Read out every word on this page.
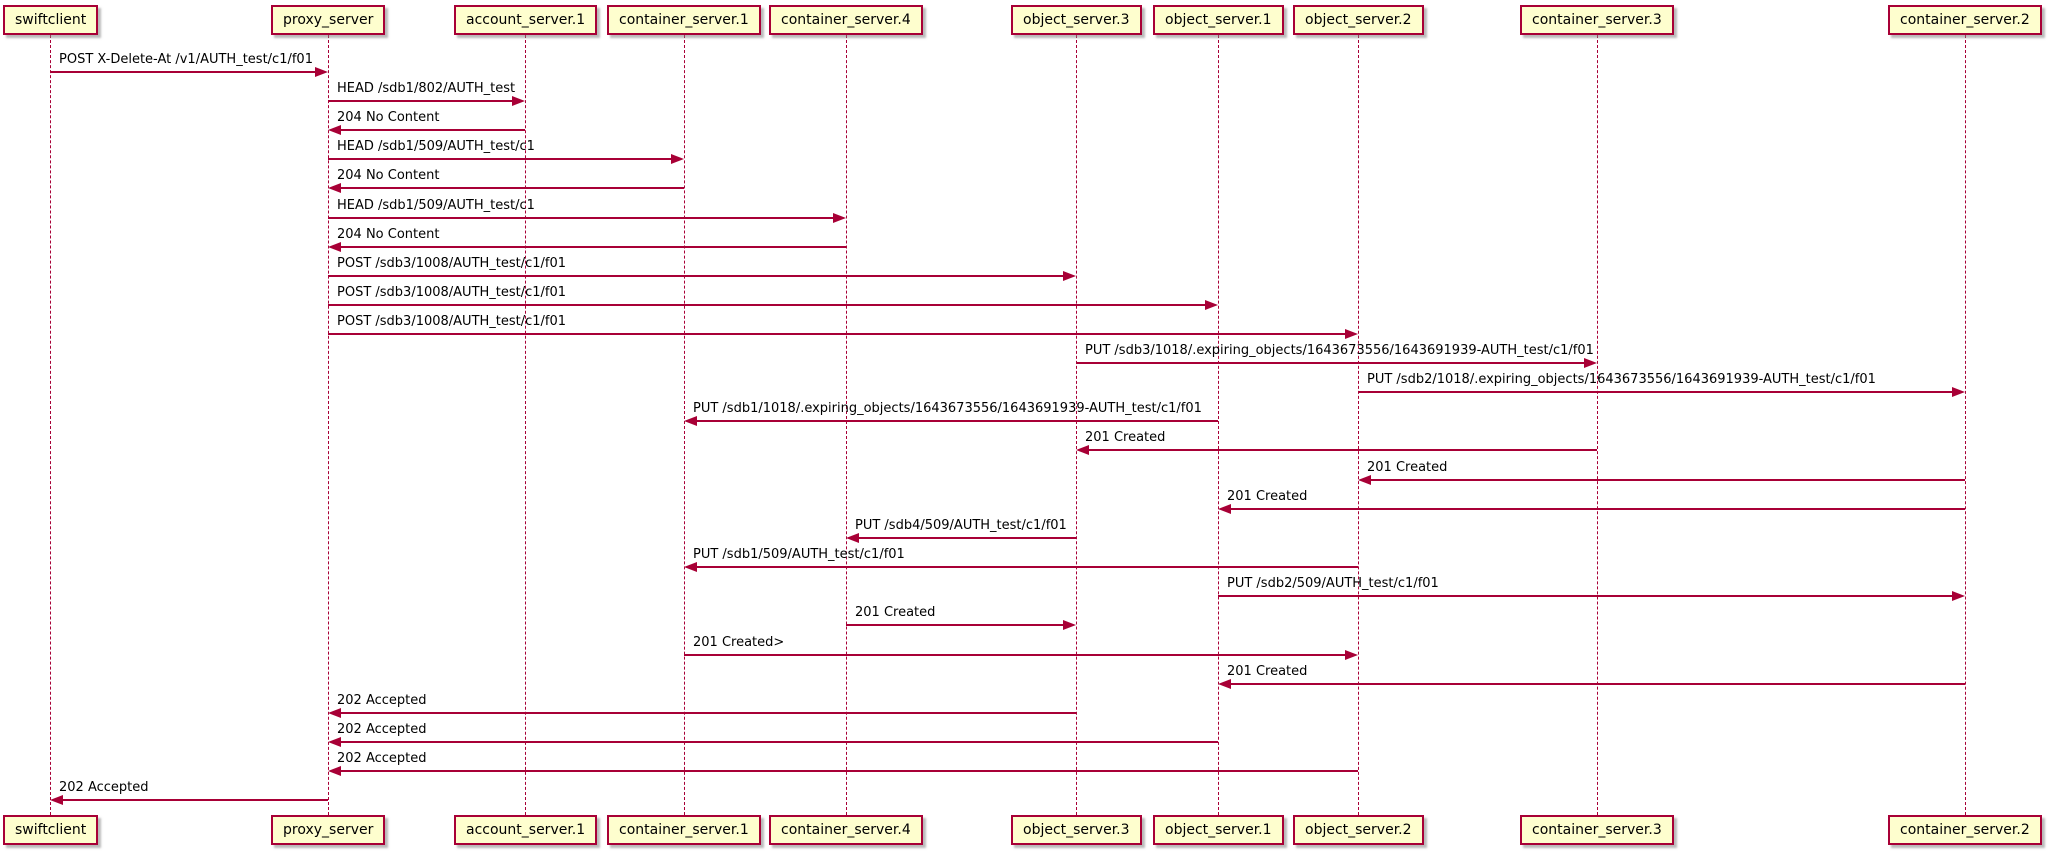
swiftclient
swiftclient
proxy_server
proxy_server
account_server.1
account_server.1
container_server.1
container_server.1
container_server.4
container_server.4
object_server.3
object_server.3
object_server.1
object_server.1
object_server.2
object_server.2
container_server.3
container_server.3
container_server.2
container_server.2
POST X-Delete-At /v1/AUTH_test/c1/f01
HEAD /sdb1/802/AUTH_test
204 No Content
HEAD /sdb1/509/AUTH_test/c1
204 No Content
HEAD /sdb1/509/AUTH_test/c1
204 No Content
POST /sdb3/1008/AUTH_test/c1/f01
POST /sdb3/1008/AUTH_test/c1/f01
POST /sdb3/1008/AUTH_test/c1/f01
PUT /sdb3/1018/.expiring_objects/1643673556/1643691939-AUTH_test/c1/f01
PUT /sdb2/1018/.expiring_objects/1643673556/1643691939-AUTH_test/c1/f01
PUT /sdb1/1018/.expiring_objects/1643673556/1643691939-AUTH_test/c1/f01
201 Created
201 Created
201 Created
PUT /sdb4/509/AUTH_test/c1/f01
PUT /sdb1/509/AUTH_test/c1/f01
PUT /sdb2/509/AUTH_test/c1/f01
201 Created
201 Created>
201 Created
202 Accepted
202 Accepted
202 Accepted
202 Accepted
